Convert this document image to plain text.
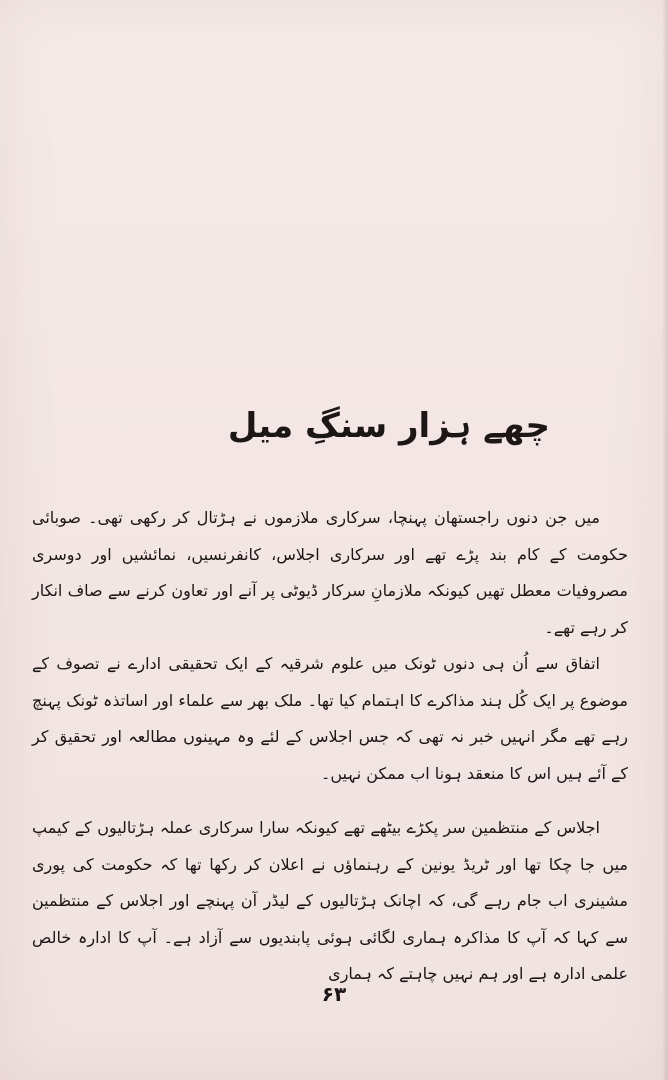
چھے ہزار سنگِ میل

میں جن دنوں راجستھان پہنچا، سرکاری ملازموں نے ہڑتال کر رکھی تھی۔ صوبائی حکومت کے کام بند پڑے تھے اور سرکاری اجلاس، کانفرنسیں، نمائشیں اور دوسری مصروفیات معطل تھیں کیونکہ ملازمانِ سرکار ڈیوٹی پر آنے اور تعاون کرنے سے صاف انکار کر رہے تھے۔

اتفاق سے اُن ہی دنوں ٹونک میں علوم شرقیہ کے ایک تحقیقی ادارے نے تصوف کے موضوع پر ایک کُل ہند مذاکرے کا اہتمام کیا تھا۔ ملک بھر سے علماء اور اساتذہ ٹونک پہنچ رہے تھے مگر انہیں خبر نہ تھی کہ جس اجلاس کے لئے وہ مہینوں مطالعہ اور تحقیق کر کے آئے ہیں اس کا منعقد ہونا اب ممکن نہیں۔

اجلاس کے منتظمین سر پکڑے بیٹھے تھے کیونکہ سارا سرکاری عملہ ہڑتالیوں کے کیمپ میں جا چکا تھا اور ٹریڈ یونین کے رہنماؤں نے اعلان کر رکھا تھا کہ حکومت کی پوری مشینری اب جام رہے گی، کہ اچانک ہڑتالیوں کے لیڈر آن پہنچے اور اجلاس کے منتظمین سے کہا کہ آپ کا مذاکرہ ہماری لگائی ہوئی پابندیوں سے آزاد ہے۔ آپ کا ادارہ خالص علمی ادارہ ہے اور ہم نہیں چاہتے کہ ہماری

۶۳
